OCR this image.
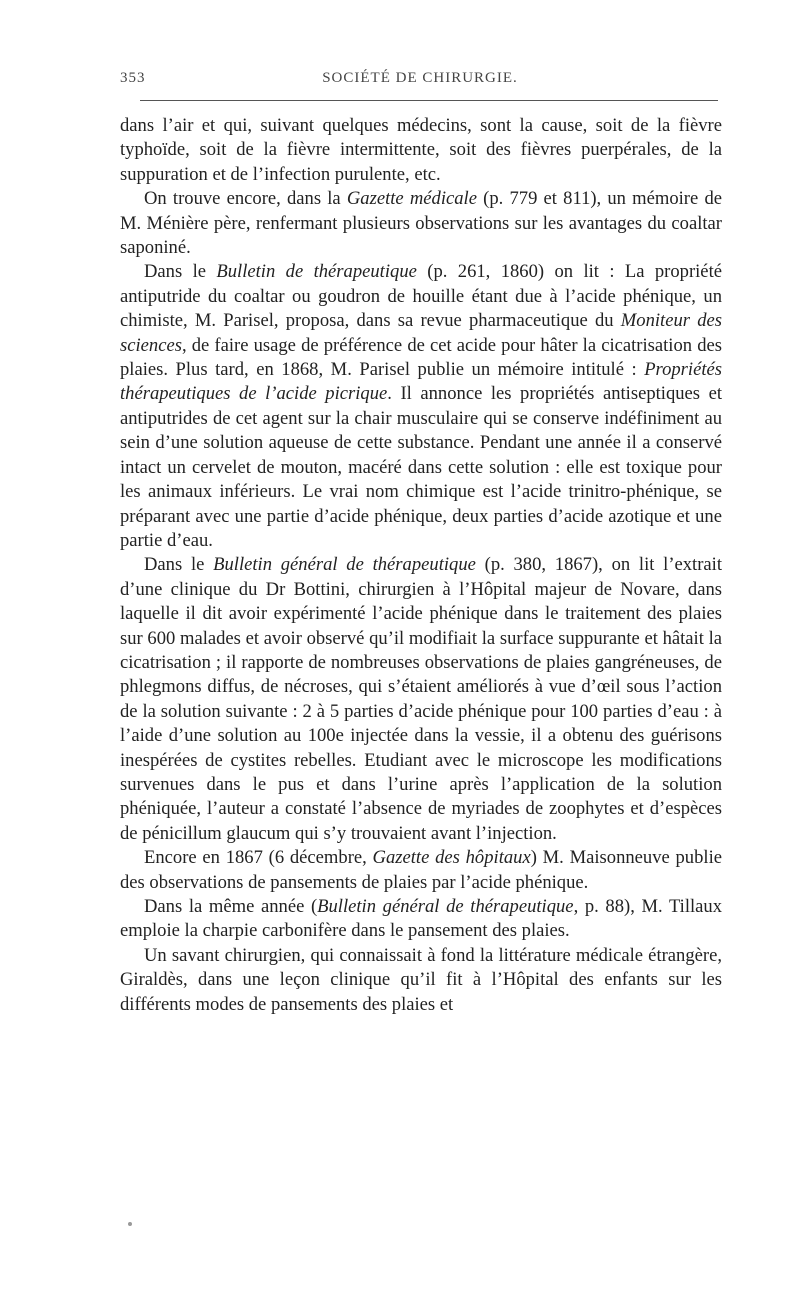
353	SOCIÉTÉ DE CHIRURGIE.

dans l’air et qui, suivant quelques médecins, sont la cause, soit de la fièvre typhoïde, soit de la fièvre intermittente, soit des fièvres puerpérales, de la suppuration et de l’infection purulente, etc.

On trouve encore, dans la Gazette médicale (p. 779 et 811), un mémoire de M. Ménière père, renfermant plusieurs observations sur les avantages du coaltar saponiné.

Dans le Bulletin de thérapeutique (p. 261, 1860) on lit : La propriété antiputride du coaltar ou goudron de houille étant due à l’acide phénique, un chimiste, M. Parisel, proposa, dans sa revue pharmaceutique du Moniteur des sciences, de faire usage de préférence de cet acide pour hâter la cicatrisation des plaies. Plus tard, en 1868, M. Parisel publie un mémoire intitulé : Propriétés thérapeutiques de l’acide picrique. Il annonce les propriétés antiseptiques et antiputrides de cet agent sur la chair musculaire qui se conserve indéfiniment au sein d’une solution aqueuse de cette substance. Pendant une année il a conservé intact un cervelet de mouton, macéré dans cette solution : elle est toxique pour les animaux inférieurs. Le vrai nom chimique est l’acide trinitro-phénique, se préparant avec une partie d’acide phénique, deux parties d’acide azotique et une partie d’eau.

Dans le Bulletin général de thérapeutique (p. 380, 1867), on lit l’extrait d’une clinique du Dr Bottini, chirurgien à l’Hôpital majeur de Novare, dans laquelle il dit avoir expérimenté l’acide phénique dans le traitement des plaies sur 600 malades et avoir observé qu’il modifiait la surface suppurante et hâtait la cicatrisation ; il rapporte de nombreuses observations de plaies gangréneuses, de phlegmons diffus, de nécroses, qui s’étaient améliorés à vue d’œil sous l’action de la solution suivante : 2 à 5 parties d’acide phénique pour 100 parties d’eau : à l’aide d’une solution au 100e injectée dans la vessie, il a obtenu des guérisons inespérées de cystites rebelles. Etudiant avec le microscope les modifications survenues dans le pus et dans l’urine après l’application de la solution phéniquée, l’auteur a constaté l’absence de myriades de zoophytes et d’espèces de pénicillum glaucum qui s’y trouvaient avant l’injection.

Encore en 1867 (6 décembre, Gazette des hôpitaux) M. Maisonneuve publie des observations de pansements de plaies par l’acide phénique.

Dans la même année (Bulletin général de thérapeutique, p. 88), M. Tillaux emploie la charpie carbonifère dans le pansement des plaies.

Un savant chirurgien, qui connaissait à fond la littérature médicale étrangère, Giraldès, dans une leçon clinique qu’il fit à l’Hôpital des enfants sur les différents modes de pansements des plaies et
